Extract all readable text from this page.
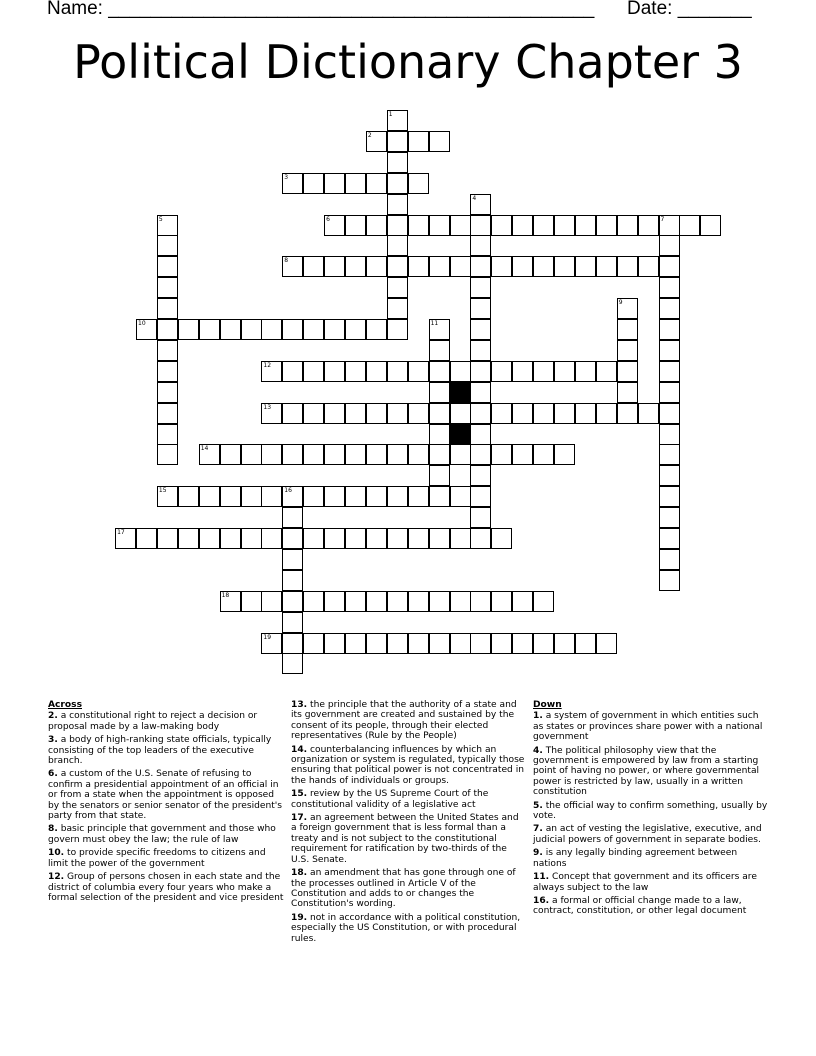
Name: ______________________________________________ Date: _______
Political Dictionary Chapter 3
1
2
3
4
5	6	7
8
9
10	11
12
13
14
15	16
17
18
19
Across
2. a constitutional right to reject a decision or proposal made by a law-making body
3. a body of high-ranking state officials, typically consisting of the top leaders of the executive branch.
6. a custom of the U.S. Senate of refusing to confirm a presidential appointment of an official in or from a state when the appointment is opposed by the senators or senior senator of the president's party from that state.
8. basic principle that government and those who govern must obey the law; the rule of law
10. to provide specific freedoms to citizens and limit the power of the government
12. Group of persons chosen in each state and the district of columbia every four years who make a formal selection of the president and vice president
13. the principle that the authority of a state and its government are created and sustained by the consent of its people, through their elected representatives (Rule by the People)
14. counterbalancing influences by which an organization or system is regulated, typically those ensuring that political power is not concentrated in the hands of individuals or groups.
15. review by the US Supreme Court of the constitutional validity of a legislative act
17. an agreement between the United States and a foreign government that is less formal than a treaty and is not subject to the constitutional requirement for ratification by two-thirds of the U.S. Senate.
18. an amendment that has gone through one of the processes outlined in Article V of the Constitution and adds to or changes the Constitution's wording.
19. not in accordance with a political constitution, especially the US Constitution, or with procedural rules.
Down
1. a system of government in which entities such as states or provinces share power with a national government
4. The political philosophy view that the government is empowered by law from a starting point of having no power, or where governmental power is restricted by law, usually in a written constitution
5. the official way to confirm something, usually by vote.
7. an act of vesting the legislative, executive, and judicial powers of government in separate bodies.
9. is any legally binding agreement between nations
11. Concept that government and its officers are always subject to the law
16. a formal or official change made to a law, contract, constitution, or other legal document
